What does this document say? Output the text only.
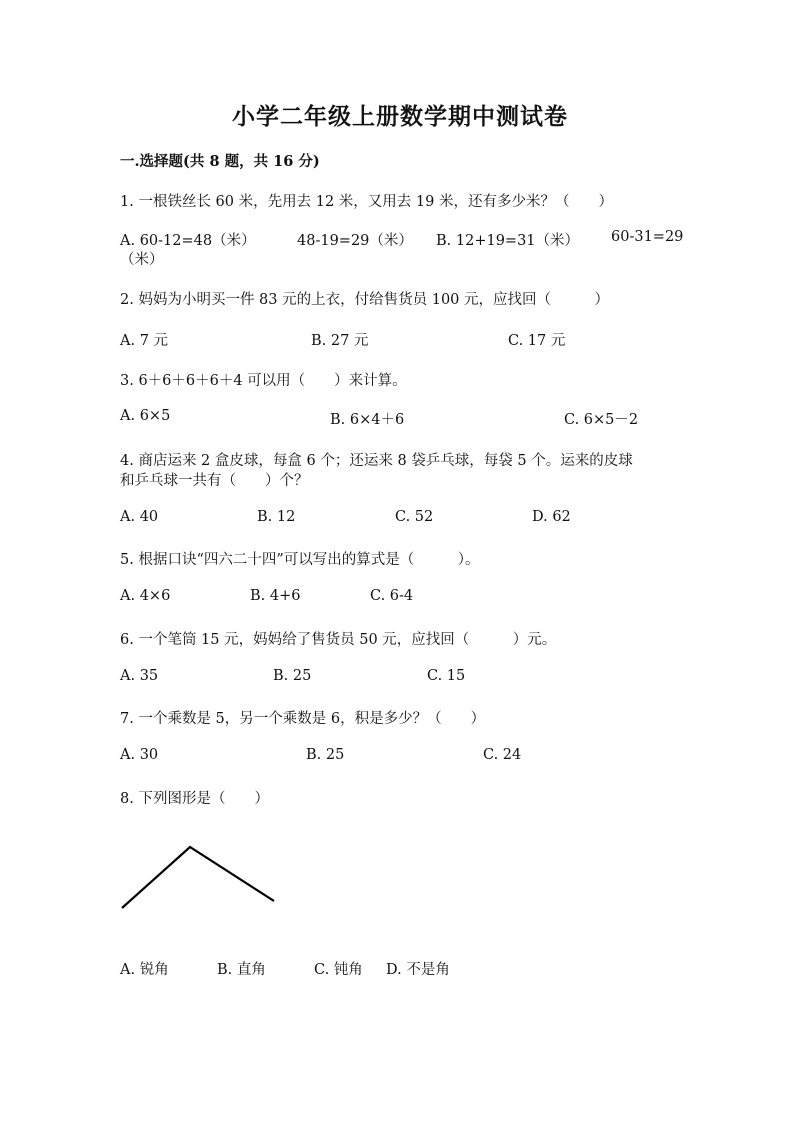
小学二年级上册数学期中测试卷
一.选择题(共 8 题，共 16 分)
1. 一根铁丝长 60 米，先用去 12 米，又用去 19 米，还有多少米？（　　）
A. 60-12=48（米）	48-19=29（米） B. 12+19=31（米） 60-31=29
（米）
2. 妈妈为小明买一件 83 元的上衣，付给售货员 100 元，应找回（　　　）
A. 7 元	B. 27 元	C. 17 元
3. 6＋6＋6＋6＋4 可以用（　　）来计算。
A. 6×5	B. 6×4＋6	C. 6×5－2
4. 商店运来 2 盒皮球，每盒 6 个；还运来 8 袋乒乓球，每袋 5 个。运来的皮球
和乒乓球一共有（　　）个？
A. 40	B. 12	C. 52	D. 62
5. 根据口诀“四六二十四”可以写出的算式是（　　　）。
A. 4×6	B. 4+6	C. 6-4
6. 一个笔筒 15 元，妈妈给了售货员 50 元，应找回（　　　）元。
A. 35	B. 25	C. 15
7. 一个乘数是 5，另一个乘数是 6，积是多少？（　　）
A. 30	B. 25	C. 24
8. 下列图形是（　　）
A. 锐角	B. 直角	C. 钝角 D. 不是角
